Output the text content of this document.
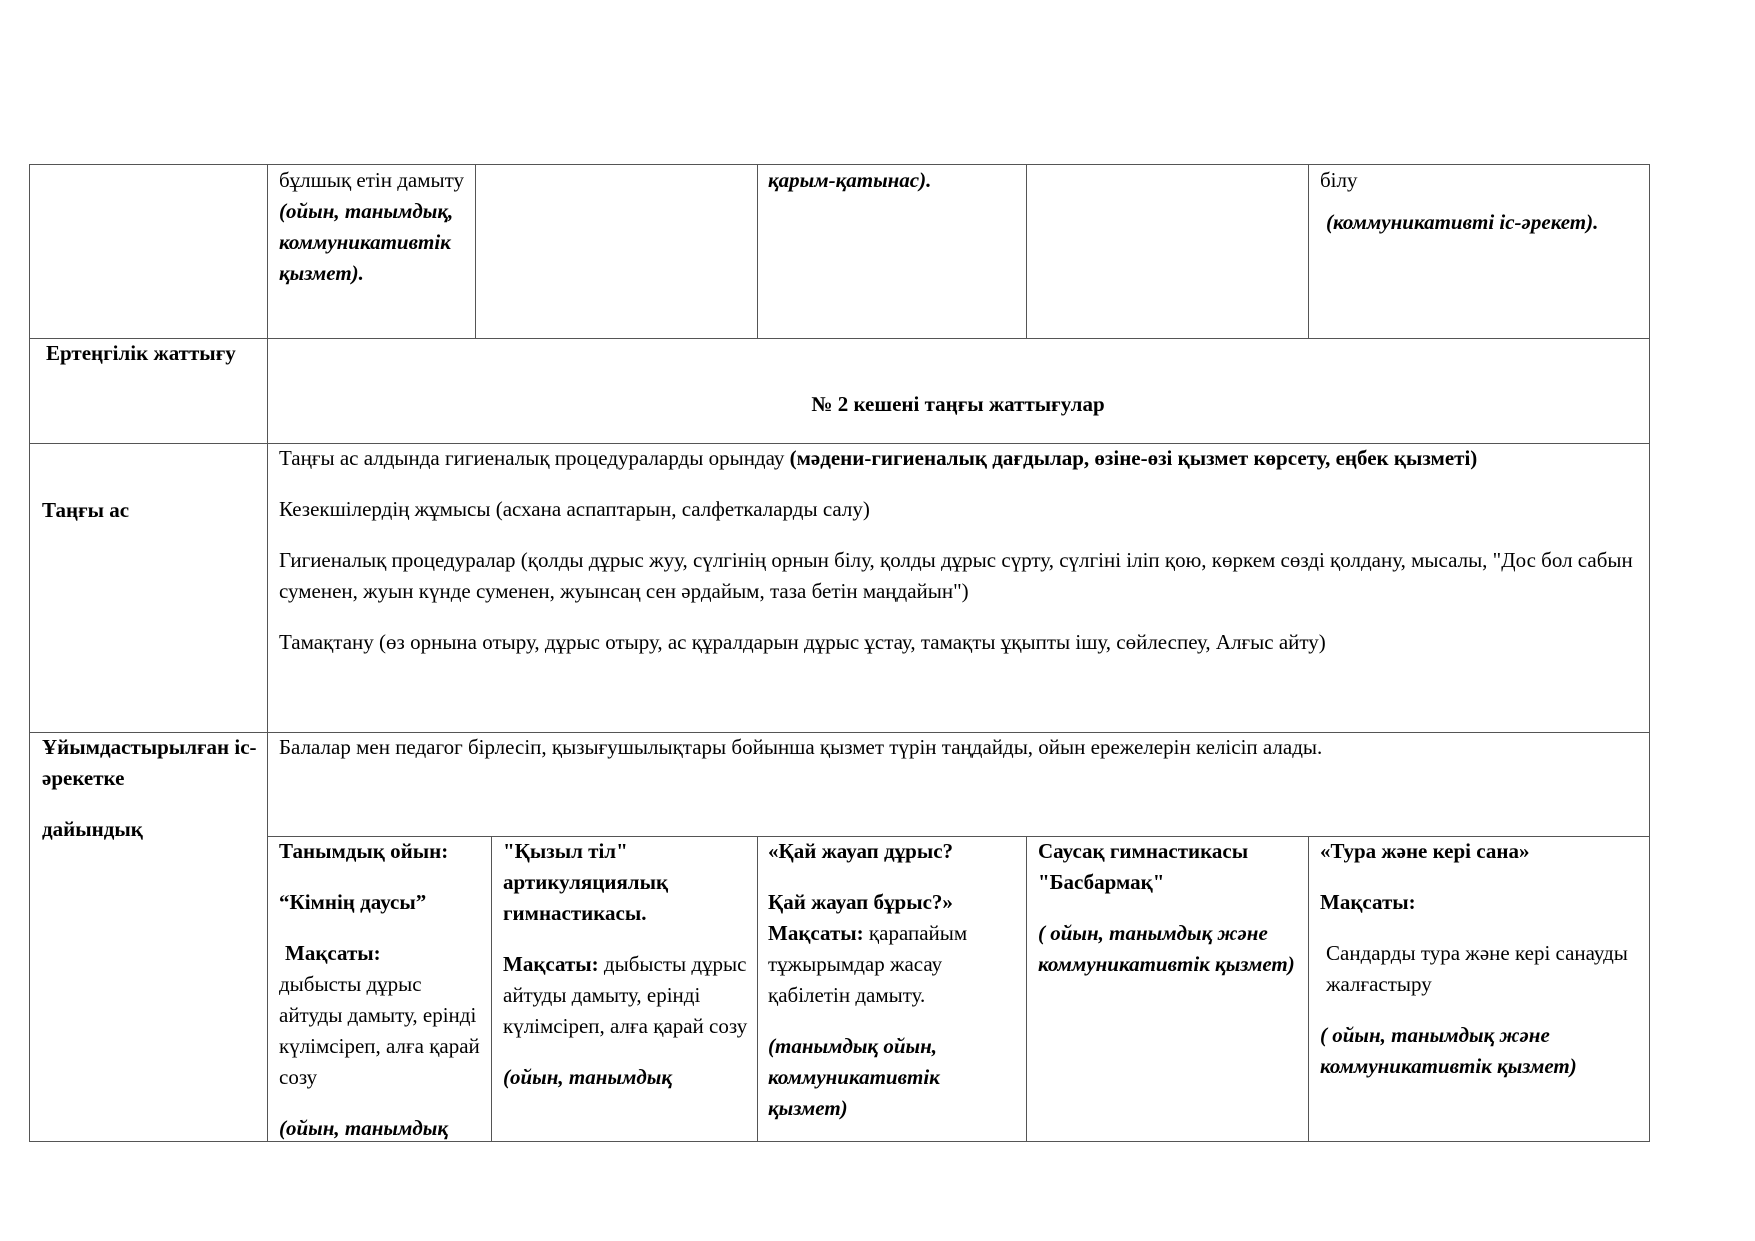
бұлшық етін дамыту (ойын, танымдық, коммуникативтік қызмет).
қарым-қатынас).	білу

(коммуникативті іс-әрекет).

Ертеңгілік жаттығу
№ 2 кешені таңғы жаттығулар
Таңғы ас

Таңғы ас алдында гигиеналық процедураларды орындау (мәдени-гигиеналық дағдылар, өзіне-өзі қызмет көрсету, еңбек қызметі)

Кезекшілердің жұмысы (асхана аспаптарын, салфеткаларды салу)

Гигиеналық процедуралар (қолды дұрыс жуу, сүлгінің орнын білу, қолды дұрыс сүрту, сүлгіні іліп қою, көркем сөзді қолдану, мысалы, "Дос бол сабын суменен, жуын күнде суменен, жуынсаң сен әрдайым, таза бетін маңдайын")

Тамақтану (өз орнына отыру, дұрыс отыру, ас құралдарын дұрыс ұстау, тамақты ұқыпты ішу, сөйлеспеу, Алғыс айту)

Ұйымдастырылған іс-әрекетке

дайындық

Балалар мен педагог бірлесіп, қызығушылықтары бойынша қызмет түрін таңдайды, ойын ережелерін келісіп алады.

Танымдық ойын:

“Кімнің даусы”

Мақсаты:

дыбысты дұрыс айтуды дамыту, ерінді күлімсіреп, алға қарай созу

(ойын, танымдық

"Қызыл тіл" артикуляциялық гимнастикасы.

Мақсаты: дыбысты дұрыс айтуды дамыту, ерінді күлімсіреп, алға қарай созу

(ойын, танымдық

«Қай жауап дұрыс?

Қай жауап бұрыс?»

Мақсаты: қарапайым тұжырымдар жасау қабілетін дамыту.

(танымдық ойын, коммуникативтік қызмет)

Саусақ гимнастикасы "Басбармақ"

( ойын, танымдық және коммуникативтік қызмет)

«Тура және кері сана»

Мақсаты:

Сандарды тура және кері санауды жалғастыру

( ойын, танымдық және коммуникативтік қызмет)
